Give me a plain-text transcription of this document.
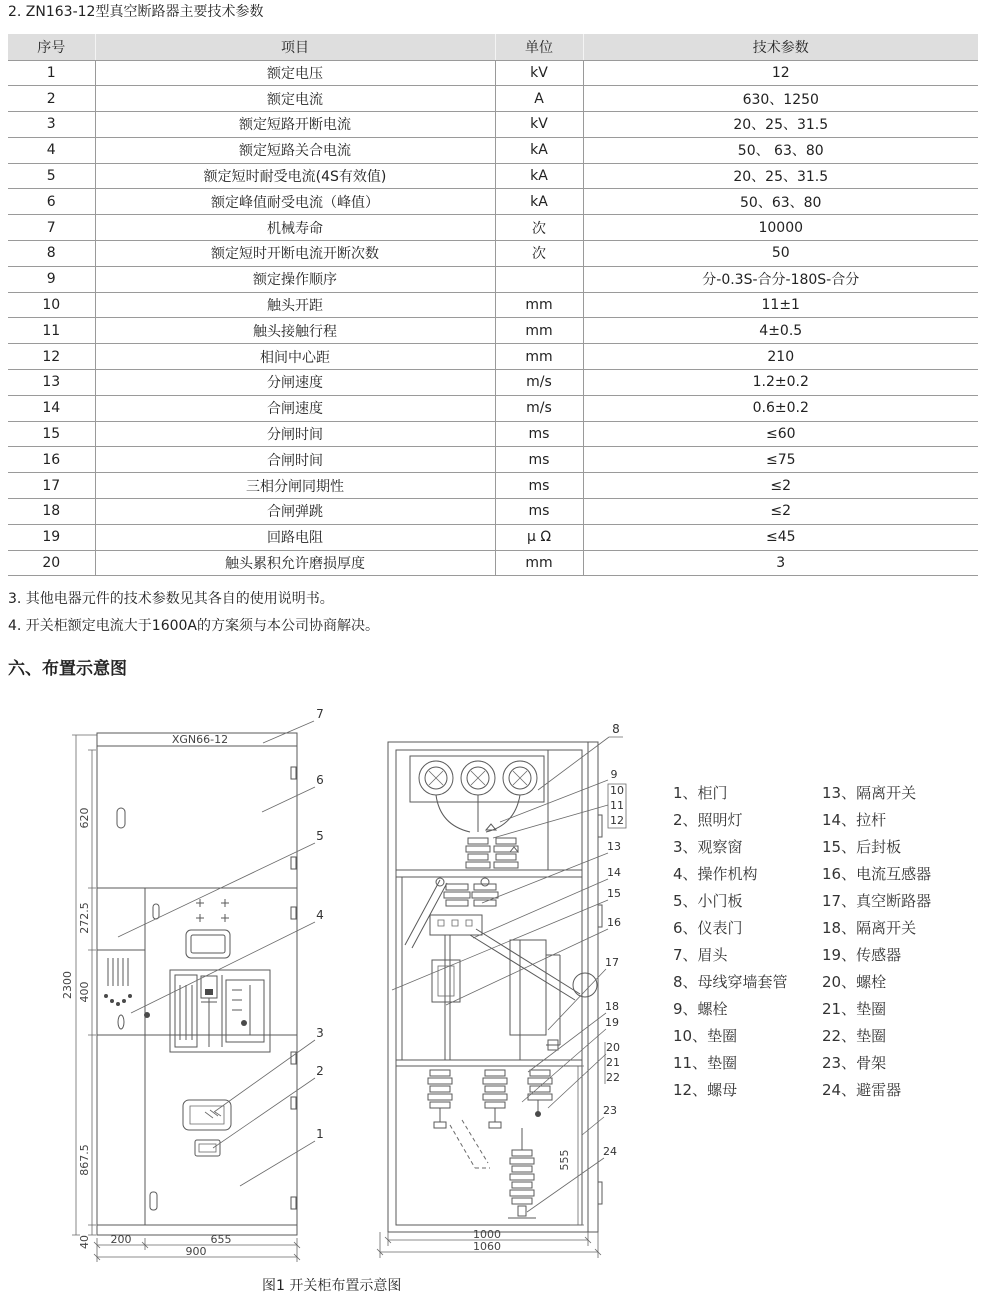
2. ZN163-12型真空断路器主要技术参数
序号	项目	单位	技术参数
1	额定电压	kV	12
2	额定电流	A	630、1250
3	额定短路开断电流	kV	20、25、31.5
4	额定短路关合电流	kA	50、 63、80
5	额定短时耐受电流(4S有效值)	kA	20、25、31.5
6	额定峰值耐受电流（峰值）	kA	50、63、80
7	机械寿命	次	10000
8	额定短时开断电流开断次数	次	50
9	额定操作顺序		分-0.3S-合分-180S-合分
10	触头开距	mm	11±1
11	触头接触行程	mm	4±0.5
12	相间中心距	mm	210
13	分闸速度	m/s	1.2±0.2
14	合闸速度	m/s	0.6±0.2
15	分闸时间	ms	≤60
16	合闸时间	ms	≤75
17	三相分闸同期性	ms	≤2
18	合闸弹跳	ms	≤2
19	回路电阻	μ Ω	≤45
20	触头累积允许磨损厚度	mm	3
3. 其他电器元件的技术参数见其各自的使用说明书。
4. 开关柜额定电流大于1600A的方案须与本公司协商解决。
六、布置示意图
XGN66-12
2300
620
272.5
400
867.5
40 200	655
900
1
2
3
4
5
6
7
1000
1060
555
8
9
10
11
12
13
14
15
16
17
18
19
20
21
22
23
24
1、柜门
2、照明灯
3、观察窗
4、操作机构
5、小门板
6、仪表门
7、眉头
8、母线穿墙套管
9、螺栓
10、垫圈
11、垫圈
12、螺母
13、隔离开关
14、拉杆
15、后封板
16、电流互感器
17、真空断路器
18、隔离开关
19、传感器
20、螺栓
21、垫圈
22、垫圈
23、骨架
24、避雷器
图1 开关柜布置示意图
